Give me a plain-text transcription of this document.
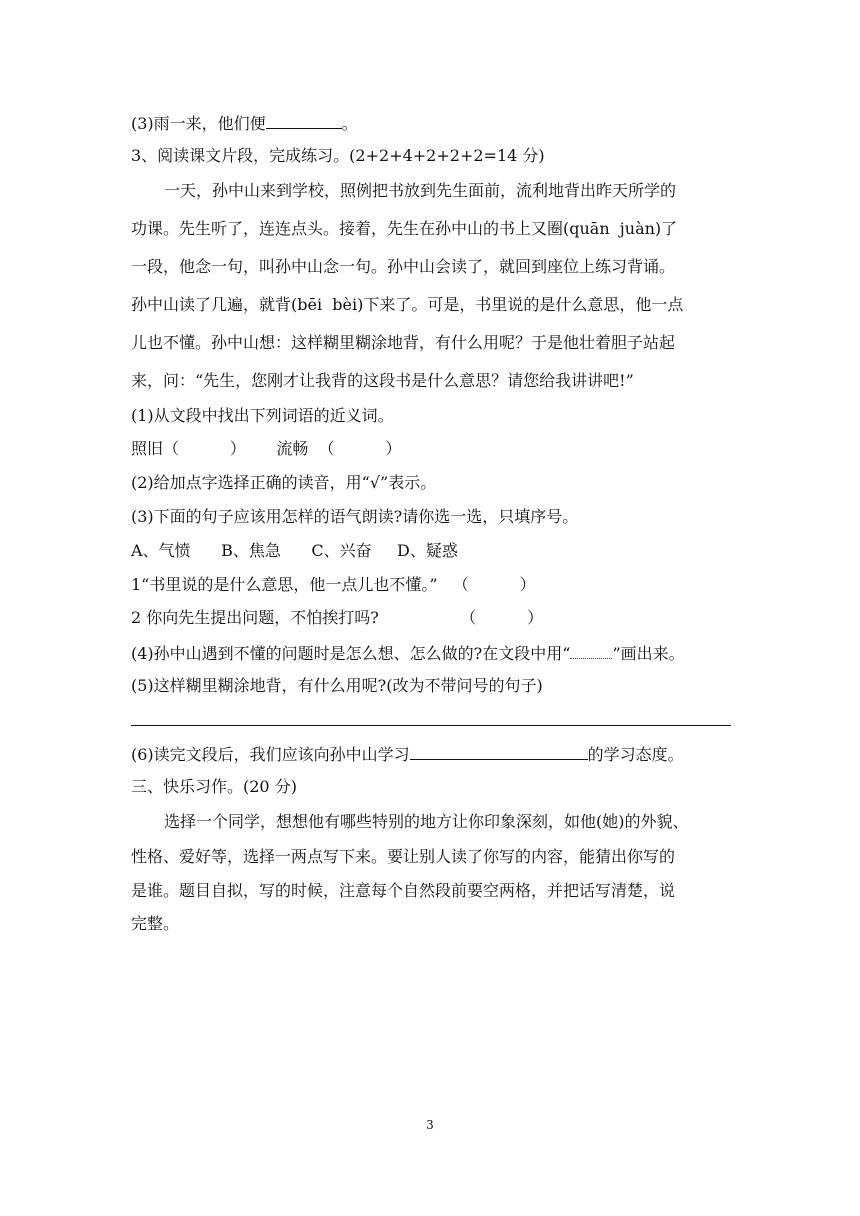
(3)雨一来，他们便	。
3、阅读课文片段，完成练习。(2+2+4+2+2+2=14 分)
一天，孙中山来到学校，照例把书放到先生面前，流利地背出昨天所学的
功课。先生听了，连连点头。接着，先生在孙中山的书上又圈(quān  juàn)了
一段，他念一句，叫孙中山念一句。孙中山会读了，就回到座位上练习背诵。
孙中山读了几遍，就背(bēi  bèi)下来了。可是，书里说的是什么意思，他一点
儿也不懂。孙中山想：这样糊里糊涂地背，有什么用呢？于是他壮着胆子站起
来，问：“先生，您刚才让我背的这段书是什么意思？请您给我讲讲吧!”
(1)从文段中找出下列词语的近义词。
照旧（          ）      流畅  （          ）
(2)给加点字选择正确的读音，用“√”表示。
(3)下面的句子应该用怎样的语气朗读?请你选一选，只填序号。
A、气愤      B、焦急      C、兴奋     D、疑惑
1“书里说的是什么意思，他一点儿也不懂。”   （          ）
2 你向先生提出问题，不怕挨打吗?                （          ）
(4)孙中山遇到不懂的问题时是怎么想、怎么做的?在文段中用“	”画出来。
(5)这样糊里糊涂地背，有什么用呢?(改为不带问号的句子)
(6)读完文段后，我们应该向孙中山学习	的学习态度。
三、快乐习作。(20 分)
选择一个同学，想想他有哪些特别的地方让你印象深刻，如他(她)的外貌、
性格、爱好等，选择一两点写下来。要让别人读了你写的内容，能猜出你写的
是谁。题目自拟，写的时候，注意每个自然段前要空两格，并把话写清楚，说
完整。
3
